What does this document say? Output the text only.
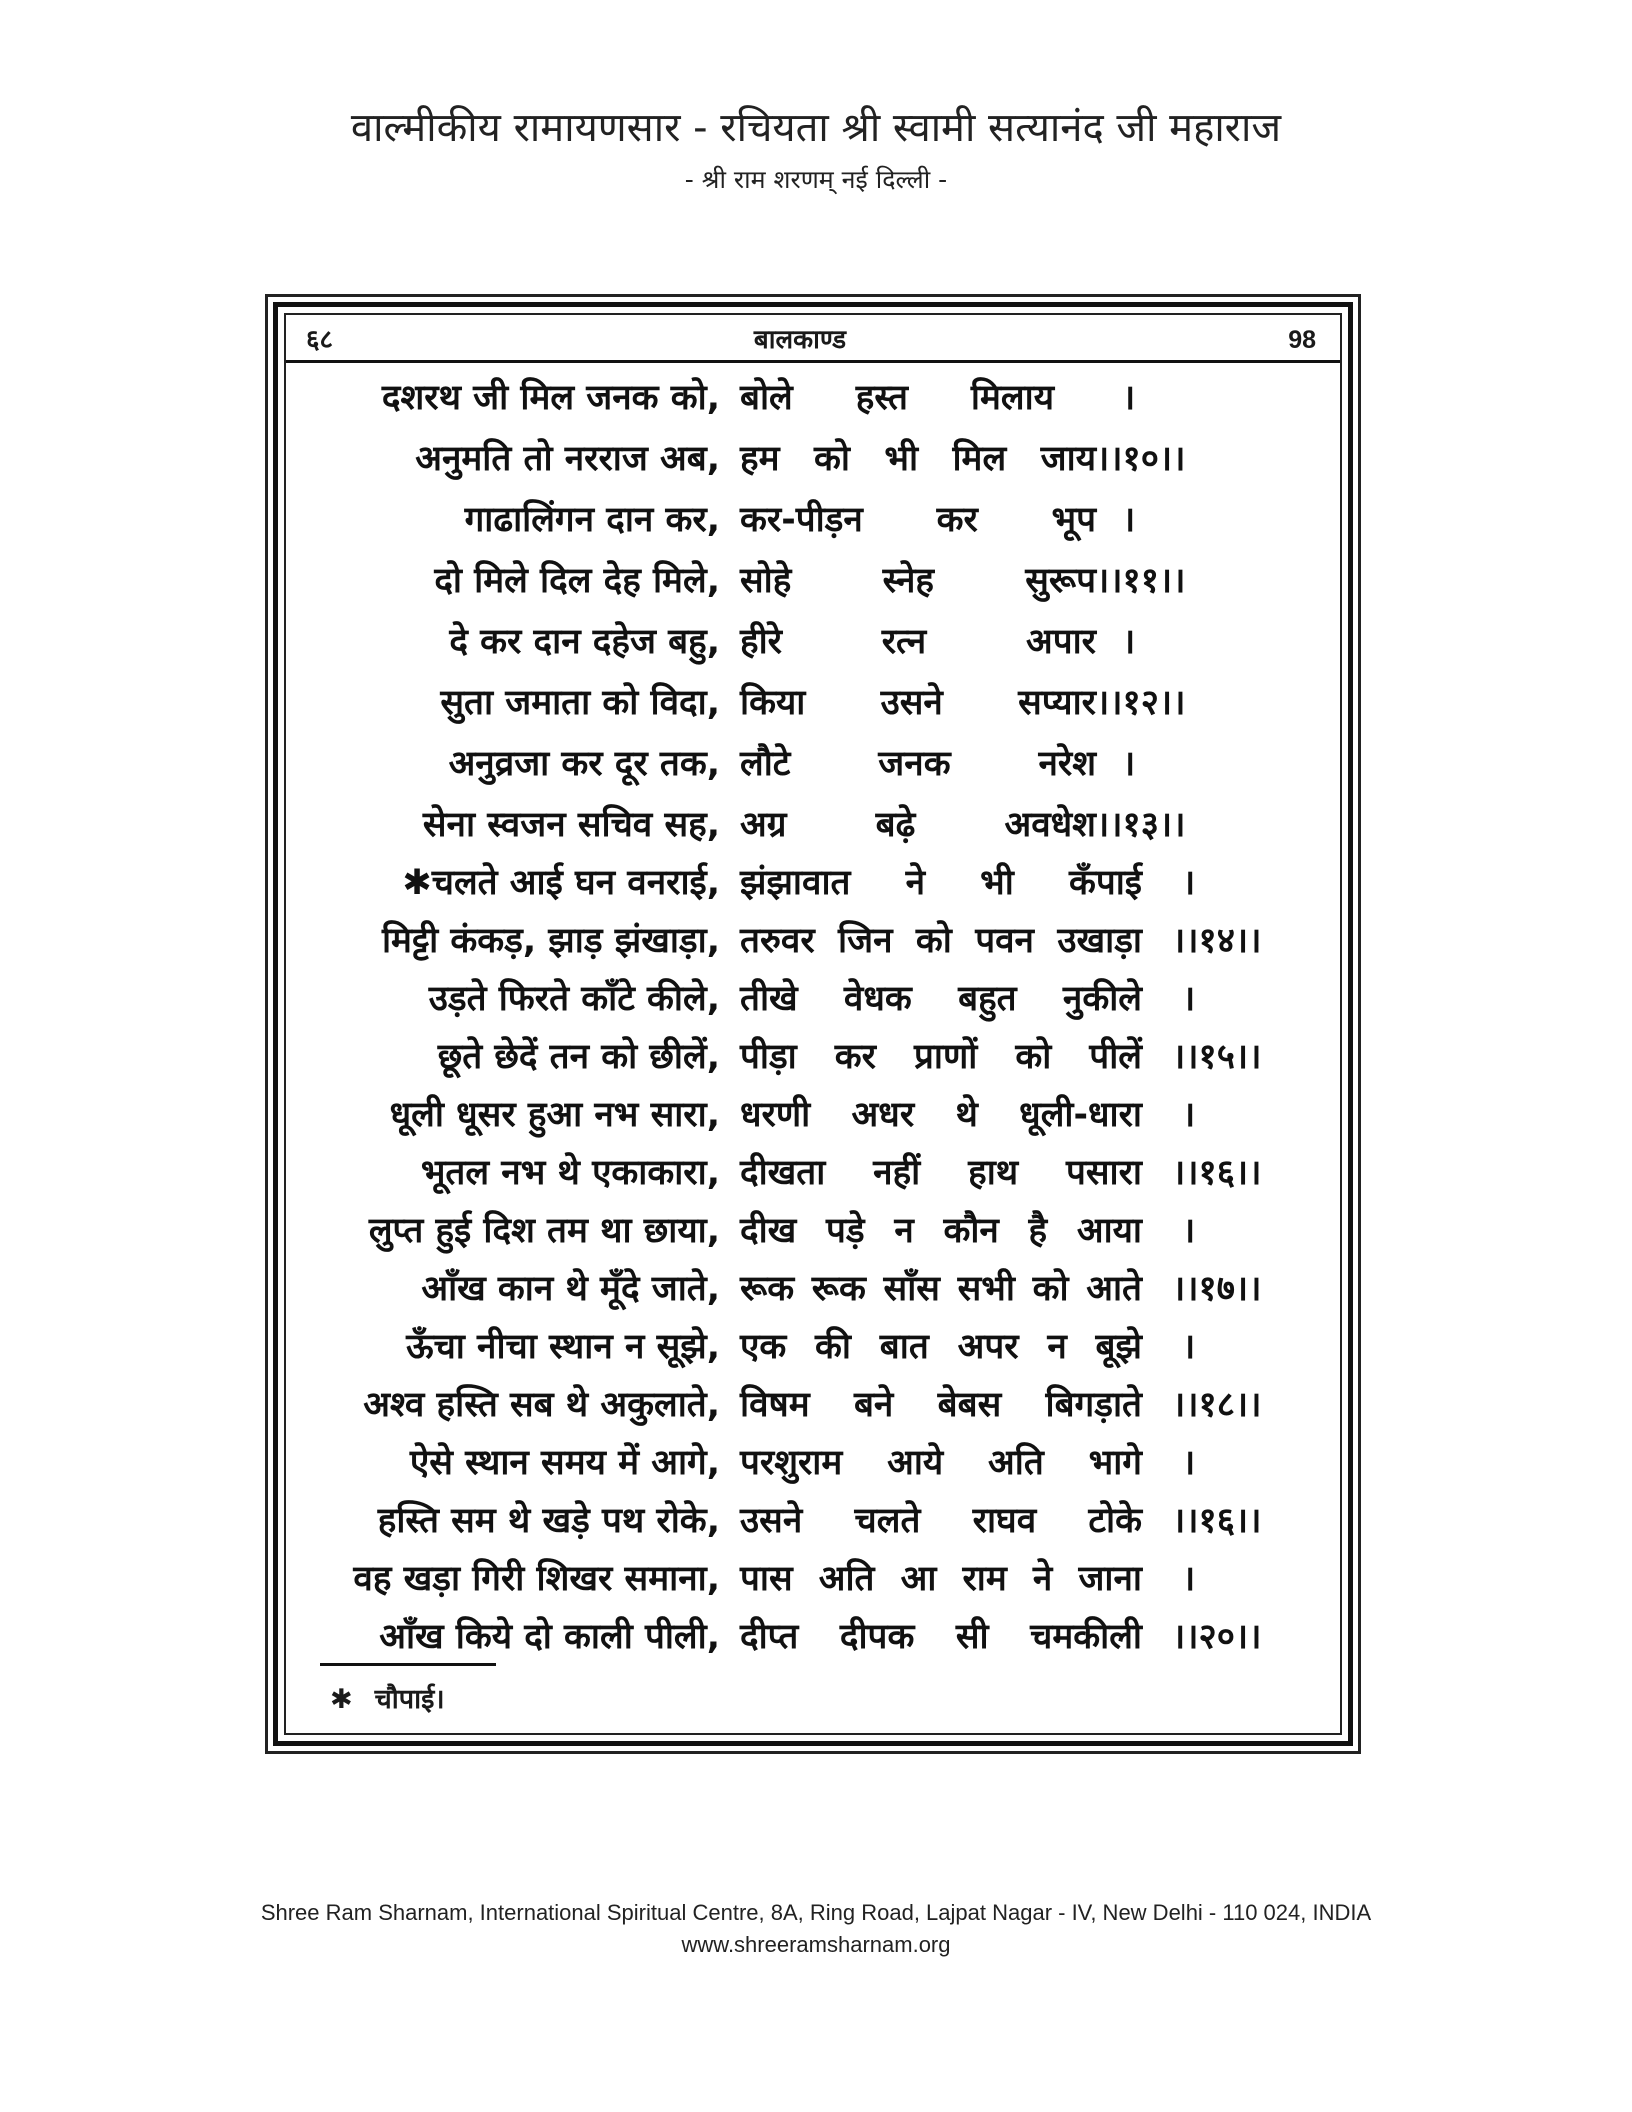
वाल्मीकीय रामायणसार - रचियता श्री स्वामी सत्यानंद जी महाराज
- श्री राम शरणम् नई दिल्ली -
६८	बालकाण्ड	98
दशरथ जी मिल जनक को, बोले हस्त मिलाय ।
अनुमति तो नरराज अब, हम को भी मिल जाय ।।१०।।
गाढालिंगन दान कर, कर-पीड़न कर भूप ।
दो मिले दिल देह मिले, सोहे स्नेह सुरूप ।।११।।
दे कर दान दहेज बहु, हीरे रत्न अपार ।
सुता जमाता को विदा, किया उसने सप्यार ।।१२।।
अनुव्रजा कर दूर तक, लौटे जनक नरेश ।
सेना स्वजन सचिव सह, अग्र बढ़े अवधेश ।।१३।।
✱चलते आई घन वनराई, झंझावात ने भी कँपाई ।
मिट्टी कंकड़, झाड़ झंखाड़ा, तरुवर जिन को पवन उखाड़ा ।।१४।।
उड़ते फिरते काँटे कीले, तीखे वेधक बहुत नुकीले ।
छूते छेदें तन को छीलें, पीड़ा कर प्राणों को पीलें ।।१५।।
धूली धूसर हुआ नभ सारा, धरणी अधर थे धूली-धारा ।
भूतल नभ थे एकाकारा, दीखता नहीं हाथ पसारा ।।१६।।
लुप्त हुई दिश तम था छाया, दीख पड़े न कौन है आया ।
आँख कान थे मूँदे जाते, रूक रूक साँस सभी को आते ।।१७।।
ऊँचा नीचा स्थान न सूझे, एक की बात अपर न बूझे ।
अश्व हस्ति सब थे अकुलाते, विषम बने बेबस बिगड़ाते ।।१८।।
ऐसे स्थान समय में आगे, परशुराम आये अति भागे ।
हस्ति सम थे खड़े पथ रोके, उसने चलते राघव टोके ।।१६।।
वह खड़ा गिरी शिखर समाना, पास अति आ राम ने जाना ।
आँख किये दो काली पीली, दीप्त दीपक सी चमकीली ।।२०।।
✱ चौपाई।
Shree Ram Sharnam, International Spiritual Centre, 8A, Ring Road, Lajpat Nagar - IV, New Delhi - 110 024, INDIA
www.shreeramsharnam.org
